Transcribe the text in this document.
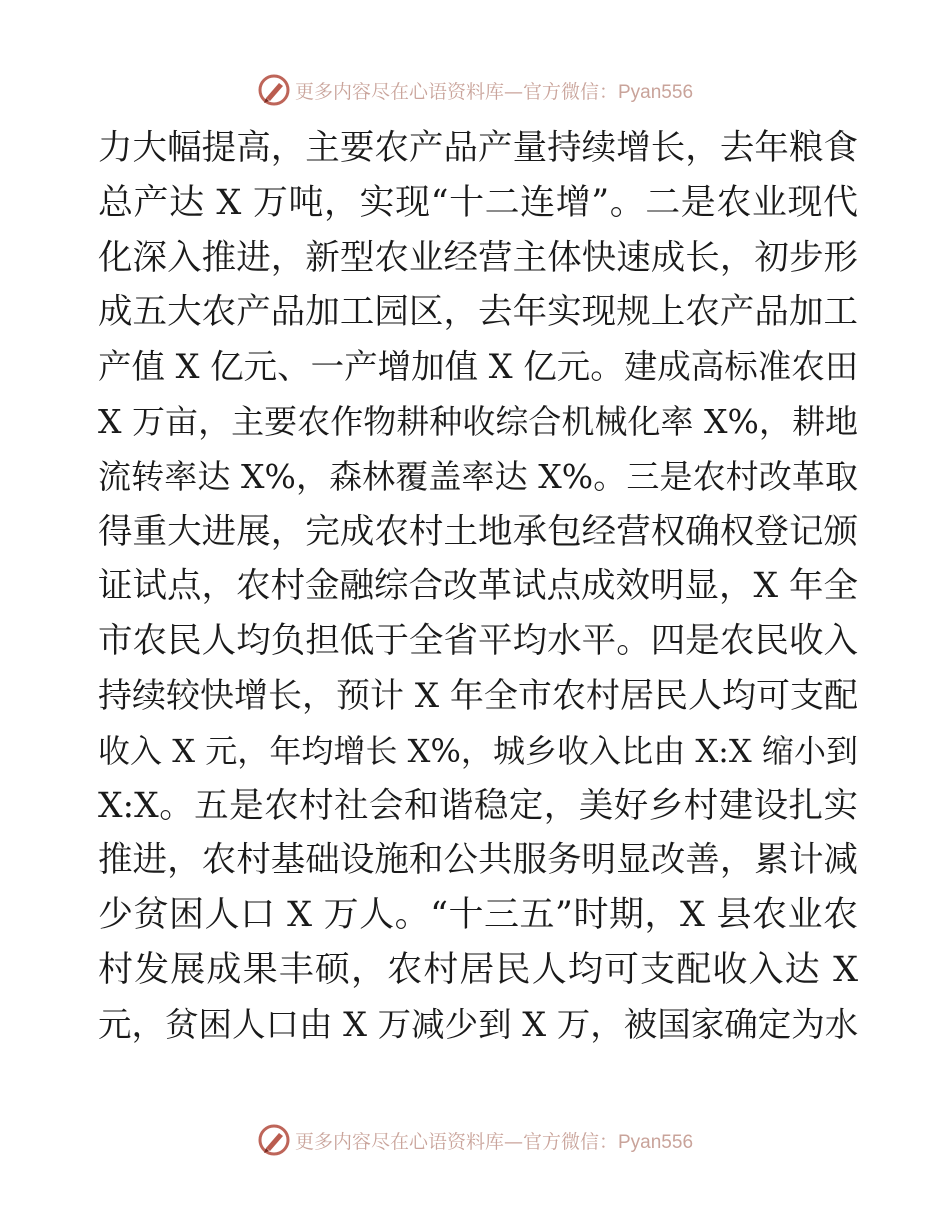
更多内容尽在心语资料库—官方微信：Pyan556
力大幅提高，主要农产品产量持续增长，去年粮食
总产达 X 万吨，实现“十二连增”。二是农业现代
化深入推进，新型农业经营主体快速成长，初步形
成五大农产品加工园区，去年实现规上农产品加工
产值 X 亿元、一产增加值 X 亿元。建成高标准农田
X 万亩，主要农作物耕种收综合机械化率 X%，耕地
流转率达 X%，森林覆盖率达 X%。三是农村改革取
得重大进展，完成农村土地承包经营权确权登记颁
证试点，农村金融综合改革试点成效明显，X 年全
市农民人均负担低于全省平均水平。四是农民收入
持续较快增长，预计 X 年全市农村居民人均可支配
收入 X 元，年均增长 X%，城乡收入比由 X:X 缩小到
X:X。五是农村社会和谐稳定，美好乡村建设扎实
推进，农村基础设施和公共服务明显改善，累计减
少贫困人口 X 万人。“十三五”时期，X 县农业农
村发展成果丰硕，农村居民人均可支配收入达 X
元，贫困人口由 X 万减少到 X 万，被国家确定为水
更多内容尽在心语资料库—官方微信：Pyan556
